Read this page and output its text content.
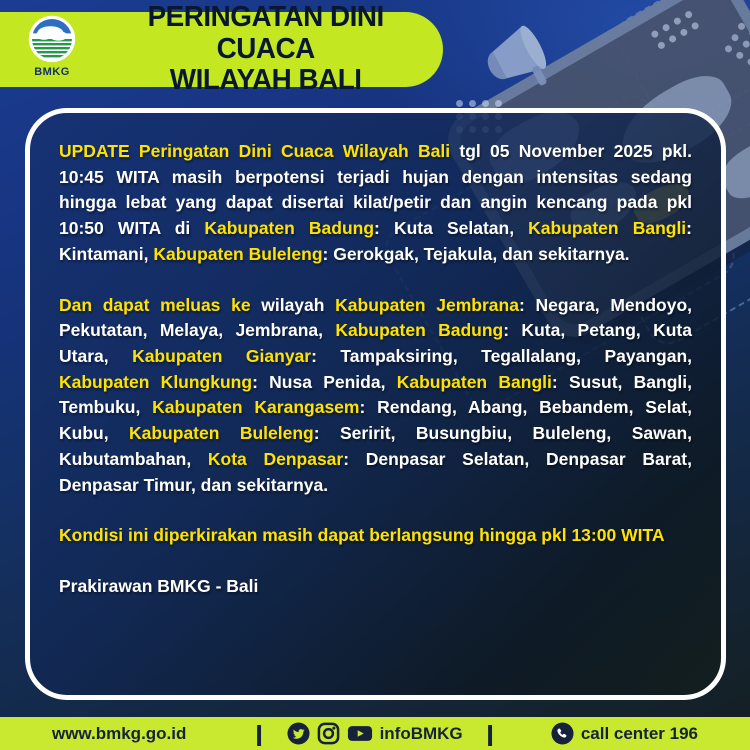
BMKG
PERINGATAN DINI CUACA
WILAYAH BALI

UPDATE Peringatan Dini Cuaca Wilayah Bali tgl 05 November 2025 pkl. 10:45 WITA masih berpotensi terjadi hujan dengan intensitas sedang hingga lebat yang dapat disertai kilat/petir dan angin kencang pada pkl 10:50 WITA di Kabupaten Badung: Kuta Selatan, Kabupaten Bangli: Kintamani, Kabupaten Buleleng: Gerokgak, Tejakula, dan sekitarnya.

Dan dapat meluas ke wilayah Kabupaten Jembrana: Negara, Mendoyo, Pekutatan, Melaya, Jembrana, Kabupaten Badung: Kuta, Petang, Kuta Utara, Kabupaten Gianyar: Tampaksiring, Tegallalang, Payangan, Kabupaten Klungkung: Nusa Penida, Kabupaten Bangli: Susut, Bangli, Tembuku, Kabupaten Karangasem: Rendang, Abang, Bebandem, Selat, Kubu, Kabupaten Buleleng: Seririt, Busungbiu, Buleleng, Sawan, Kubutambahan, Kota Denpasar: Denpasar Selatan, Denpasar Barat, Denpasar Timur, dan sekitarnya.

Kondisi ini diperkirakan masih dapat berlangsung hingga pkl 13:00 WITA

Prakirawan BMKG - Bali

www.bmkg.go.id	|	infoBMKG |	call center 196
